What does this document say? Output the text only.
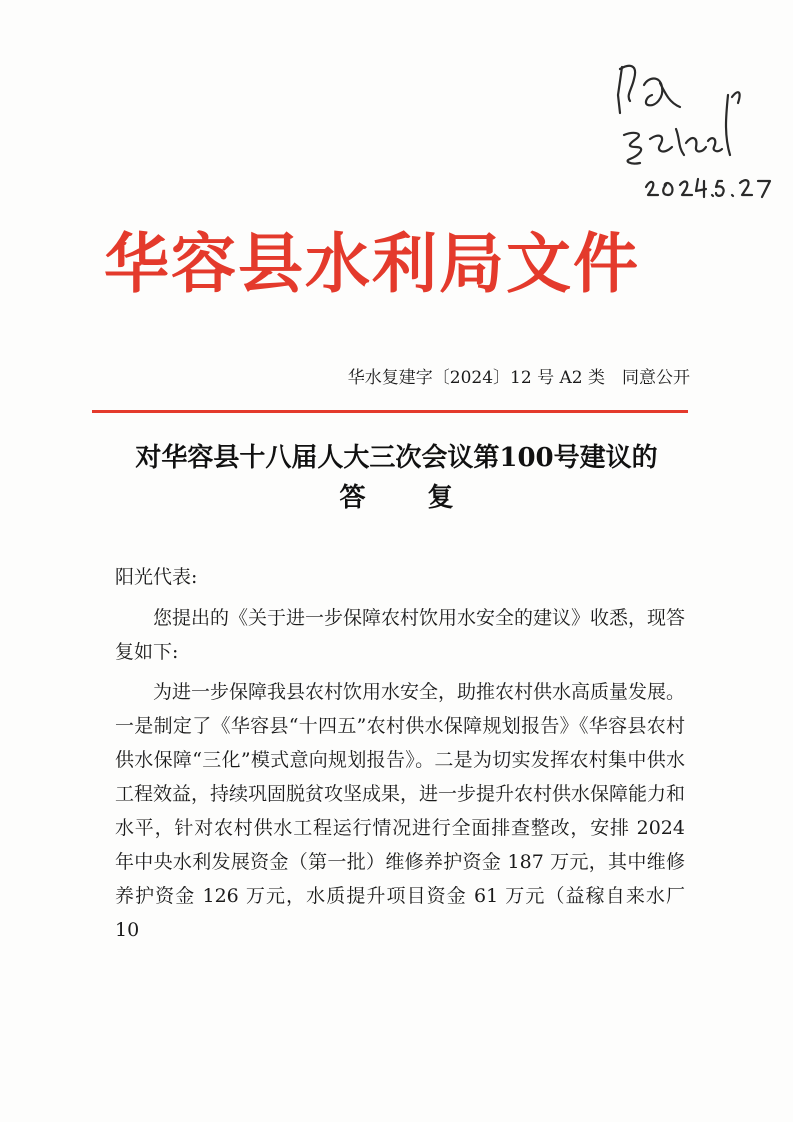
华容县水利局文件
华水复建字〔2024〕12 号 A2 类　同意公开
对华容县十八届人大三次会议第100号建议的
答复

阳光代表:

您提出的《关于进一步保障农村饮用水安全的建议》收悉，现答复如下:

为进一步保障我县农村饮用水安全，助推农村供水高质量发展。一是制定了《华容县“十四五”农村供水保障规划报告》《华容县农村供水保障“三化”模式意向规划报告》。二是为切实发挥农村集中供水工程效益，持续巩固脱贫攻坚成果，进一步提升农村供水保障能力和水平，针对农村供水工程运行情况进行全面排查整改，安排 2024 年中央水利发展资金（第一批）维修养护资金 187 万元，其中维修养护资金 126 万元，水质提升项目资金 61 万元（益稼自来水厂 10
